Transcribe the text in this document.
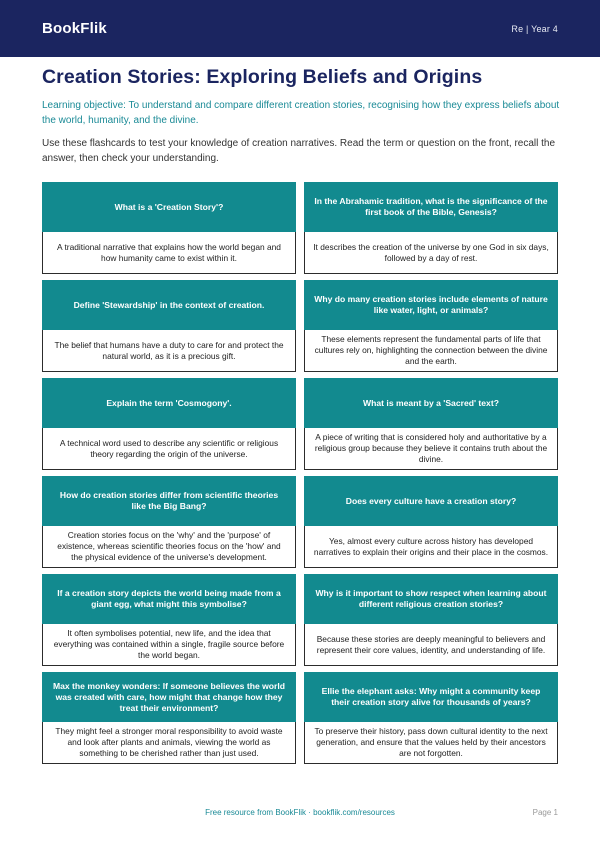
BookFlik	Re | Year 4
Creation Stories: Exploring Beliefs and Origins

Learning objective: To understand and compare different creation stories, recognising how they express beliefs about the world, humanity, and the divine.

Use these flashcards to test your knowledge of creation narratives. Read the term or question on the front, recall the answer, then check your understanding.

What is a 'Creation Story'?
A traditional narrative that explains how the world began and how humanity came to exist within it.
In the Abrahamic tradition, what is the significance of the first book of the Bible, Genesis?
It describes the creation of the universe by one God in six days, followed by a day of rest.
Define 'Stewardship' in the context of creation.
The belief that humans have a duty to care for and protect the natural world, as it is a precious gift.
Why do many creation stories include elements of nature like water, light, or animals?
These elements represent the fundamental parts of life that cultures rely on, highlighting the connection between the divine and the earth.
Explain the term 'Cosmogony'.
A technical word used to describe any scientific or religious theory regarding the origin of the universe.
What is meant by a 'Sacred' text?
A piece of writing that is considered holy and authoritative by a religious group because they believe it contains truth about the divine.
How do creation stories differ from scientific theories like the Big Bang?
Creation stories focus on the 'why' and the 'purpose' of existence, whereas scientific theories focus on the 'how' and the physical evidence of the universe's development.
Does every culture have a creation story?
Yes, almost every culture across history has developed narratives to explain their origins and their place in the cosmos.
If a creation story depicts the world being made from a giant egg, what might this symbolise?
It often symbolises potential, new life, and the idea that everything was contained within a single, fragile source before the world began.
Why is it important to show respect when learning about different religious creation stories?
Because these stories are deeply meaningful to believers and represent their core values, identity, and understanding of life.
Max the monkey wonders: If someone believes the world was created with care, how might that change how they treat their environment?
They might feel a stronger moral responsibility to avoid waste and look after plants and animals, viewing the world as something to be cherished rather than just used.
Ellie the elephant asks: Why might a community keep their creation story alive for thousands of years?
To preserve their history, pass down cultural identity to the next generation, and ensure that the values held by their ancestors are not forgotten.
Free resource from BookFlik · bookflik.com/resources	Page 1
